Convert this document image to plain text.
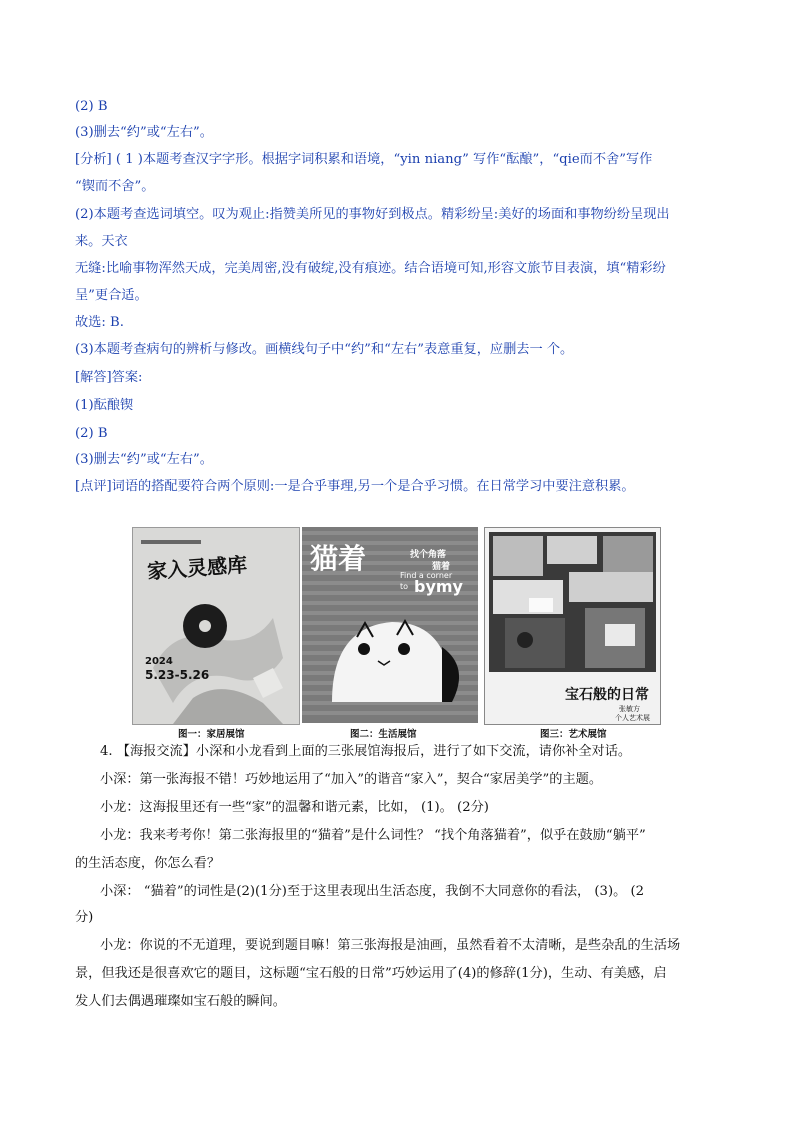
(2) B
(3)删去“约”或“左右”。
[分析] ( 1 )本题考查汉字字形。根据字词积累和语境，“yin niang” 写作“酝酿”，“qie而不舍”写作
“锲而不舍”。
(2)本题考查选词填空。叹为观止:指赞美所见的事物好到极点。精彩纷呈:美好的场面和事物纷纷呈现出
来。天衣
无缝:比喻事物浑然天成，完美周密,没有破绽,没有痕迹。结合语境可知,形容文旅节目表演，填“精彩纷
呈”更合适。
故选: B.
(3)本题考查病句的辨析与修改。画横线句子中“约”和“左右”表意重复，应删去一 个。
[解答]答案:
(1)酝酿锲
(2) B
(3)删去“约”或“左右”。
[点评]词语的搭配要符合两个原则:一是合乎事理,另一个是合乎习惯。在日常学习中要注意积累。
家入灵感库
2024
5.23-5.26
猫着	找个角落
猫着
Find a corner
to bymy
宝石般的日常
张敏方
个人艺术展
图一：家居展馆	图二：生活展馆	图三：艺术展馆
4. 【海报交流】小深和小龙看到上面的三张展馆海报后，进行了如下交流，请你补全对话。
小深：第一张海报不错！巧妙地运用了“加入”的谐音“家入”，契合“家居美学”的主题。
小龙：这海报里还有一些“家”的温馨和谐元素，比如， (1)。 (2分)
小龙：我来考考你！第二张海报里的“猫着”是什么词性？ “找个角落猫着”，似乎在鼓励“躺平”
的生活态度，你怎么看？
小深： “猫着”的词性是(2)(1分)至于这里表现出生活态度，我倒不大同意你的看法， (3)。 (2
分)
小龙：你说的不无道理，要说到题目嘛！第三张海报是油画，虽然看着不太清晰，是些杂乱的生活场
景，但我还是很喜欢它的题目，这标题“宝石般的日常”巧妙运用了(4)的修辞(1分)，生动、有美感，启
发人们去偶遇璀璨如宝石般的瞬间。
